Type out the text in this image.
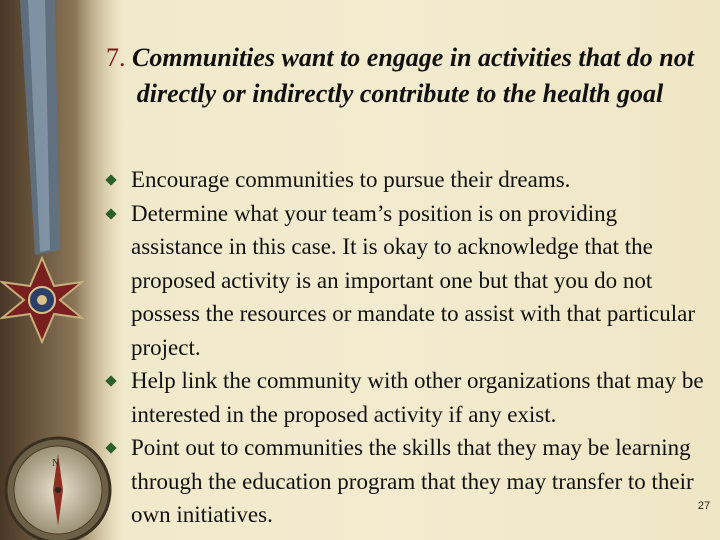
N
7. Communities want to engage in activities that do not directly or indirectly contribute to the health goal
Encourage communities to pursue their dreams.
Determine what your team’s position is on providing assistance in this case. It is okay to acknowledge that the proposed activity is an important one but that you do not possess the resources or mandate to assist with that particular project.
Help link the community with other organizations that may be interested in the proposed activity if any exist.
Point out to communities the skills that they may be learning through the education program that they may transfer to their own initiatives.	27
